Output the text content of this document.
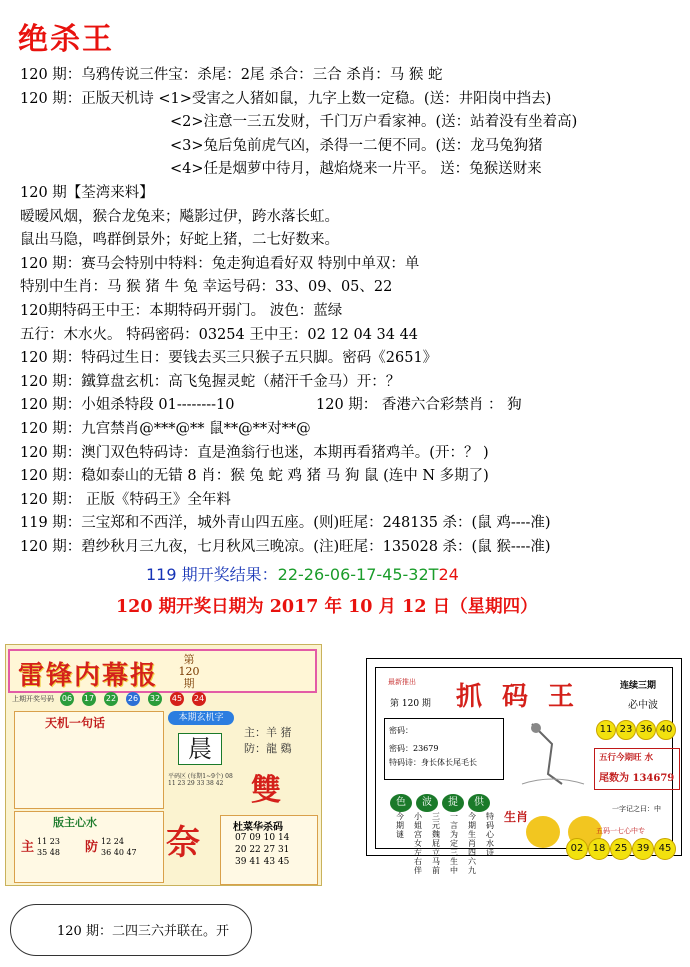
绝杀王
120 期：乌鸦传说三件宝：杀尾：2尾 杀合：三合 杀肖：马 猴 蛇
120 期：正版天机诗 <1>受害之人猪如鼠，九字上数一定稳。(送：井阳岗中挡去)
<2>注意一三五发财，千门万户看家神。(送：站着没有坐着高)
<3>兔后兔前虎气凶，杀得一二便不同。(送：龙马兔狗猪
<4>任是烟萝中待月，越焰烧来一片平。 送：兔猴送财来
120 期【荃湾来料】
暧暧风烟，猴合龙兔来；飚影过伊，跨水落长虹。
鼠出马隐，鸣群倒景外；好蛇上猪，二七好数来。
120 期：赛马会特别中特料：兔走狗追看好双 特别中单双：单
特别中生肖：马 猴 猪 牛 兔 幸运号码：33、09、05、22
120期特码王中王：本期特码开弱门。 波色：蓝绿
五行：木水火。 特码密码：03254 王中王：02 12 04 34 44
120 期：特码过生日：要钱去买三只猴子五只脚。密码《2651》
120 期：鐵算盘玄机：高飞兔握灵蛇（赭汗千金马）开：？
120 期：小姐杀特段 01--------10	120 期： 香港六合彩禁肖 ： 狗
120 期：九宫禁肖@***@** 鼠**@**对**@
120 期：澳门双色特码诗：直是渔翁行也迷，本期再看猪鸡羊。(开：？ )
120 期：稳如泰山的无错 8 肖：猴 兔 蛇 鸡 猪 马 狗 鼠 (连中 N 多期了)
120 期： 正版《特码王》全年料
119 期：三宝郑和不西洋，城外青山四五座。(则)旺尾：248135 杀：(鼠 鸡----准)
120 期：碧纱秋月三九夜，七月秋风三晚凉。(注)旺尾：135028 杀：(鼠 猴----准)
119 期开奖结果：22-26-06-17-45-32T24
120 期开奖日期为 2017 年 10 月 12 日（星期四）
雷锋内幕报
第 120 期
上期开奖号码 06 17 22 26 32 45 24
天机一句话
版主心水
主 11 23
35 48 防 12 24
36 40 47
本期玄机字
晨
平码区 (每期1~9个) 08 11 23 29 33 38 42
主：羊 猪
防：龍 鷄
雙
奈	杜菜华杀码
07 09 10 14
20 22 27 31
39 41 43 45
最新推出
第 120 期 抓码王	连续三期
必中波
密码：
密码：23679
特码诗：身长体长尾毛长
11 23 36 40
五行今期旺 水
尾数为 134679
色 波 提 供
今期谜
小姐宫女左右伴
三元魏屁立马前
一言为定三生中
今期生肖四六九
特码心水诗
生肖
一字记之曰：中
五码一七心中专
02 18 25 39 45
120 期：二四三六并联在。开
